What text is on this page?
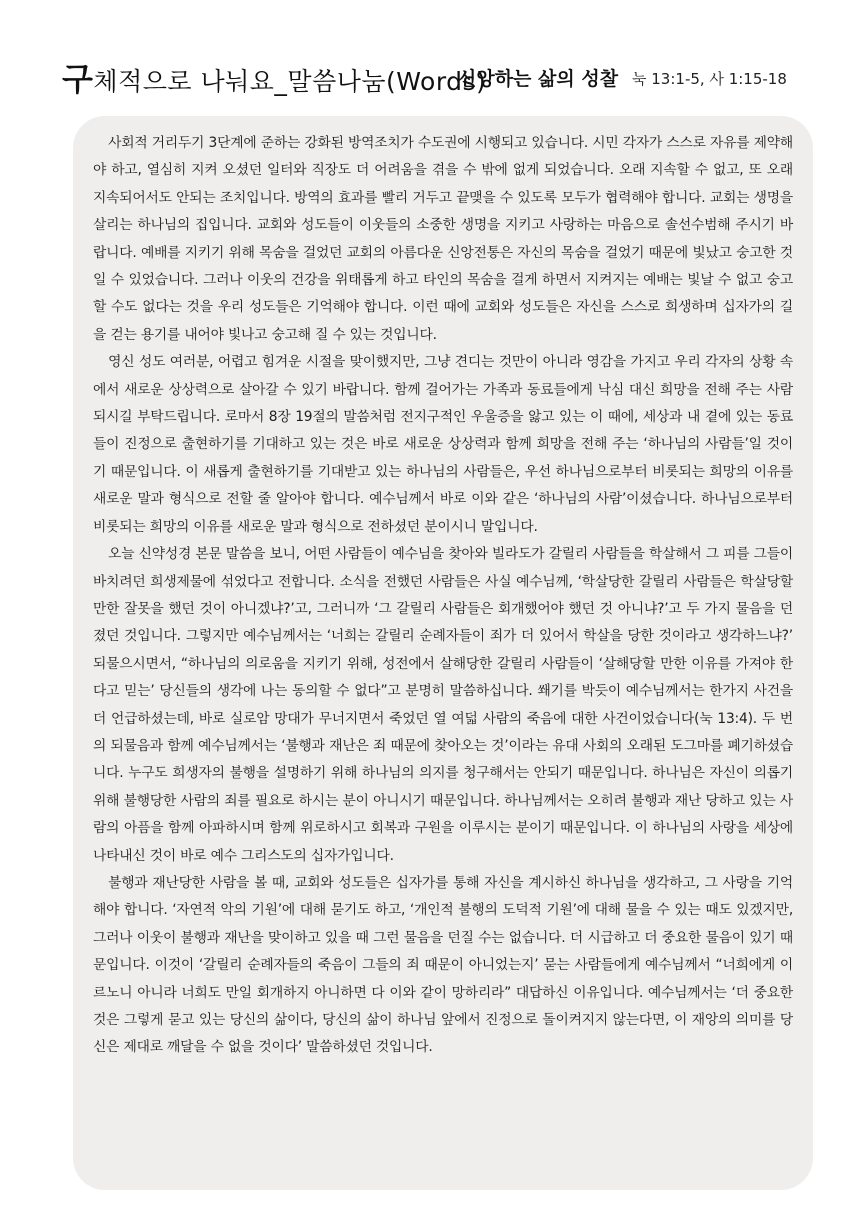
구체적으로 나눠요_말씀나눔(Words)
신앙하는 삶의 성찰 눅 13:1-5, 사 1:15-18

사회적 거리두기 3단계에 준하는 강화된 방역조치가 수도권에 시행되고 있습니다. 시민 각자가 스스로 자유를 제약해야 하고, 열심히 지켜 오셨던 일터와 직장도 더 어려움을 겪을 수 밖에 없게 되었습니다. 오래 지속할 수 없고, 또 오래 지속되어서도 안되는 조치입니다. 방역의 효과를 빨리 거두고 끝맺을 수 있도록 모두가 협력해야 합니다. 교회는 생명을 살리는 하나님의 집입니다. 교회와 성도들이 이웃들의 소중한 생명을 지키고 사랑하는 마음으로 솔선수범해 주시기 바랍니다. 예배를 지키기 위해 목숨을 걸었던 교회의 아름다운 신앙전통은 자신의 목숨을 걸었기 때문에 빛났고 숭고한 것일 수 있었습니다. 그러나 이웃의 건강을 위태롭게 하고 타인의 목숨을 걸게 하면서 지켜지는 예배는 빛날 수 없고 숭고할 수도 없다는 것을 우리 성도들은 기억해야 합니다. 이런 때에 교회와 성도들은 자신을 스스로 희생하며 십자가의 길을 걷는 용기를 내어야 빛나고 숭고해 질 수 있는 것입니다.

영신 성도 여러분, 어렵고 힘겨운 시절을 맞이했지만, 그냥 견디는 것만이 아니라 영감을 가지고 우리 각자의 상황 속에서 새로운 상상력으로 살아갈 수 있기 바랍니다. 함께 걸어가는 가족과 동료들에게 낙심 대신 희망을 전해 주는 사람 되시길 부탁드립니다. 로마서 8장 19절의 말씀처럼 전지구적인 우울증을 앓고 있는 이 때에, 세상과 내 곁에 있는 동료들이 진정으로 출현하기를 기대하고 있는 것은 바로 새로운 상상력과 함께 희망을 전해 주는 ‘하나님의 사람들’일 것이기 때문입니다. 이 새롭게 출현하기를 기대받고 있는 하나님의 사람들은, 우선 하나님으로부터 비롯되는 희망의 이유를 새로운 말과 형식으로 전할 줄 알아야 합니다. 예수님께서 바로 이와 같은 ‘하나님의 사람’이셨습니다. 하나님으로부터 비롯되는 희망의 이유를 새로운 말과 형식으로 전하셨던 분이시니 말입니다.

오늘 신약성경 본문 말씀을 보니, 어떤 사람들이 예수님을 찾아와 빌라도가 갈릴리 사람들을 학살해서 그 피를 그들이 바치려던 희생제물에 섞었다고 전합니다. 소식을 전했던 사람들은 사실 예수님께, ‘학살당한 갈릴리 사람들은 학살당할만한 잘못을 했던 것이 아니겠냐?’고, 그러니까 ‘그 갈릴리 사람들은 회개했어야 했던 것 아니냐?’고 두 가지 물음을 던졌던 것입니다. 그렇지만 예수님께서는 ‘너희는 갈릴리 순례자들이 죄가 더 있어서 학살을 당한 것이라고 생각하느냐?’ 되물으시면서, “하나님의 의로움을 지키기 위해, 성전에서 살해당한 갈릴리 사람들이 ‘살해당할 만한 이유를 가져야 한다고 믿는’ 당신들의 생각에 나는 동의할 수 없다”고 분명히 말씀하십니다. 쐐기를 박듯이 예수님께서는 한가지 사건을 더 언급하셨는데, 바로 실로암 망대가 무너지면서 죽었던 열 여덟 사람의 죽음에 대한 사건이었습니다(눅 13:4). 두 번의 되물음과 함께 예수님께서는 ‘불행과 재난은 죄 때문에 찾아오는 것’이라는 유대 사회의 오래된 도그마를 폐기하셨습니다. 누구도 희생자의 불행을 설명하기 위해 하나님의 의지를 청구해서는 안되기 때문입니다. 하나님은 자신이 의롭기 위해 불행당한 사람의 죄를 필요로 하시는 분이 아니시기 때문입니다. 하나님께서는 오히려 불행과 재난 당하고 있는 사람의 아픔을 함께 아파하시며 함께 위로하시고 회복과 구원을 이루시는 분이기 때문입니다. 이 하나님의 사랑을 세상에 나타내신 것이 바로 예수 그리스도의 십자가입니다.

불행과 재난당한 사람을 볼 때, 교회와 성도들은 십자가를 통해 자신을 계시하신 하나님을 생각하고, 그 사랑을 기억해야 합니다. ‘자연적 악의 기원’에 대해 묻기도 하고, ‘개인적 불행의 도덕적 기원’에 대해 물을 수 있는 때도 있겠지만, 그러나 이웃이 불행과 재난을 맞이하고 있을 때 그런 물음을 던질 수는 없습니다. 더 시급하고 더 중요한 물음이 있기 때문입니다. 이것이 ‘갈릴리 순례자들의 죽음이 그들의 죄 때문이 아니었는지’ 묻는 사람들에게 예수님께서 “너희에게 이르노니 아니라 너희도 만일 회개하지 아니하면 다 이와 같이 망하리라” 대답하신 이유입니다. 예수님께서는 ‘더 중요한 것은 그렇게 묻고 있는 당신의 삶이다, 당신의 삶이 하나님 앞에서 진정으로 돌이켜지지 않는다면, 이 재앙의 의미를 당신은 제대로 깨달을 수 없을 것이다’ 말씀하셨던 것입니다.
